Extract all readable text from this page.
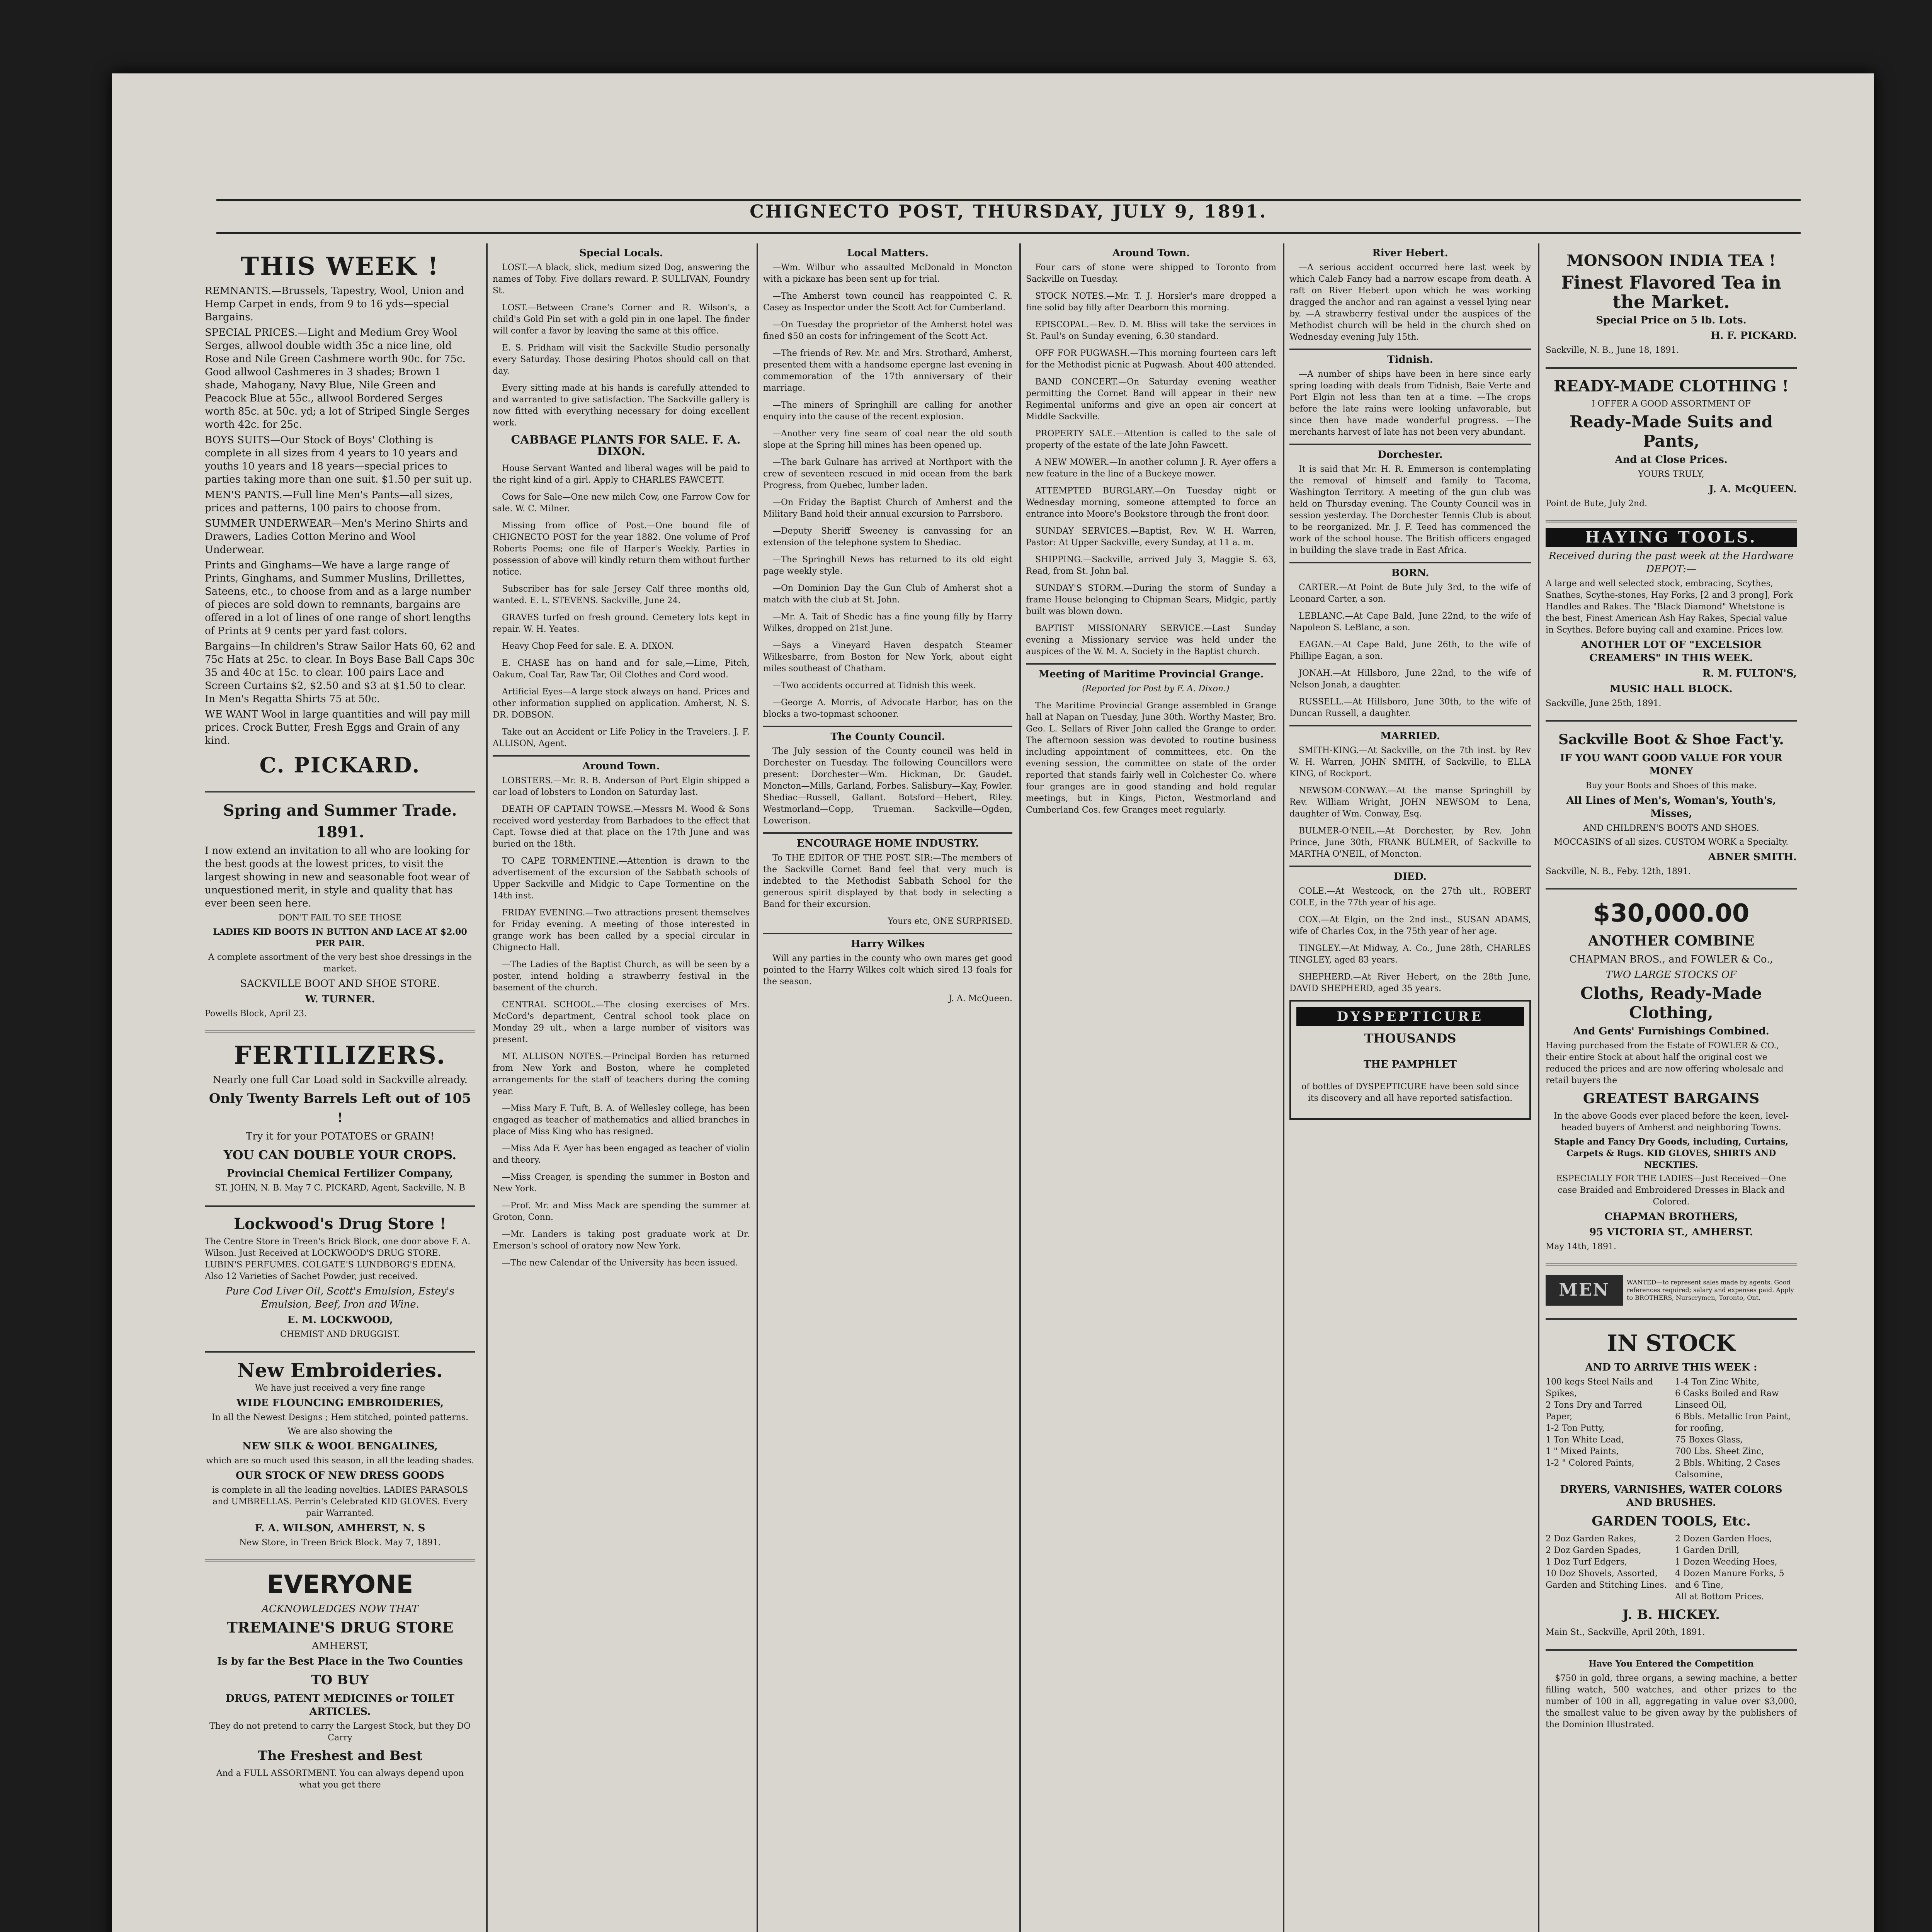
CHIGNECTO POST, THURSDAY, JULY 9, 1891.
THIS WEEK !

REMNANTS.—Brussels, Tapestry, Wool, Union and Hemp Carpet in ends, from 9 to 16 yds—special Bargains.

SPECIAL PRICES.—Light and Medium Grey Wool Serges, allwool double width 35c a nice line, old Rose and Nile Green Cashmere worth 90c. for 75c. Good allwool Cashmeres in 3 shades; Brown 1 shade, Mahogany, Navy Blue, Nile Green and Peacock Blue at 55c., allwool Bordered Serges worth 85c. at 50c. yd; a lot of Striped Single Serges worth 42c. for 25c.

BOYS SUITS—Our Stock of Boys' Clothing is complete in all sizes from 4 years to 10 years and youths 10 years and 18 years—special prices to parties taking more than one suit. $1.50 per suit up.

MEN'S PANTS.—Full line Men's Pants—all sizes, prices and patterns, 100 pairs to choose from.

SUMMER UNDERWEAR—Men's Merino Shirts and Drawers, Ladies Cotton Merino and Wool Underwear.

Prints and Ginghams—We have a large range of Prints, Ginghams, and Summer Muslins, Drillettes, Sateens, etc., to choose from and as a large number of pieces are sold down to remnants, bargains are offered in a lot of lines of one range of short lengths of Prints at 9 cents per yard fast colors.

Bargains—In children's Straw Sailor Hats 60, 62 and 75c Hats at 25c. to clear. In Boys Base Ball Caps 30c 35 and 40c at 15c. to clear. 100 pairs Lace and Screen Curtains $2, $2.50 and $3 at $1.50 to clear. In Men's Regatta Shirts 75 at 50c.

WE WANT Wool in large quantities and will pay mill prices. Crock Butter, Fresh Eggs and Grain of any kind.

C. PICKARD.
Spring and Summer Trade.
1891.

I now extend an invitation to all who are looking for the best goods at the lowest prices, to visit the largest showing in new and seasonable foot wear of unquestioned merit, in style and quality that has ever been seen here.

DON'T FAIL TO SEE THOSE

LADIES KID BOOTS IN BUTTON AND LACE AT $2.00 PER PAIR.

A complete assortment of the very best shoe dressings in the market.

SACKVILLE BOOT AND SHOE STORE.

W. TURNER.

Powells Block, April 23.

FERTILIZERS.

Nearly one full Car Load sold in Sackville already.

Only Twenty Barrels Left out of 105 !

Try it for your POTATOES or GRAIN!

YOU CAN DOUBLE YOUR CROPS.

Provincial Chemical Fertilizer Company,

ST. JOHN, N. B. May 7 C. PICKARD, Agent, Sackville, N. B

Lockwood's Drug Store !

The Centre Store in Treen's Brick Block, one door above F. A. Wilson. Just Received at LOCKWOOD'S DRUG STORE. LUBIN'S PERFUMES. COLGATE'S LUNDBORG'S EDENA. Also 12 Varieties of Sachet Powder, just received.

Pure Cod Liver Oil, Scott's Emulsion, Estey's Emulsion, Beef, Iron and Wine.

E. M. LOCKWOOD,

CHEMIST AND DRUGGIST.

New Embroideries.

We have just received a very fine range

WIDE FLOUNCING EMBROIDERIES,

In all the Newest Designs ; Hem stitched, pointed patterns.

We are also showing the

NEW SILK & WOOL BENGALINES,

which are so much used this season, in all the leading shades.

OUR STOCK OF NEW DRESS GOODS

is complete in all the leading novelties. LADIES PARASOLS and UMBRELLAS. Perrin's Celebrated KID GLOVES. Every pair Warranted.

F. A. WILSON, AMHERST, N. S

New Store, in Treen Brick Block. May 7, 1891.

EVERYONE

ACKNOWLEDGES NOW THAT

TREMAINE'S DRUG STORE

AMHERST,

Is by far the Best Place in the Two Counties

TO BUY

DRUGS, PATENT MEDICINES or TOILET ARTICLES.

They do not pretend to carry the Largest Stock, but they DO Carry

The Freshest and Best

And a FULL ASSORTMENT. You can always depend upon what you get there

Special Locals.

LOST.—A black, slick, medium sized Dog, answering the names of Toby. Five dollars reward. P. SULLIVAN, Foundry St.

LOST.—Between Crane's Corner and R. Wilson's, a child's Gold Pin set with a gold pin in one lapel. The finder will confer a favor by leaving the same at this office.

E. S. Pridham will visit the Sackville Studio personally every Saturday. Those desiring Photos should call on that day.

Every sitting made at his hands is carefully attended to and warranted to give satisfaction. The Sackville gallery is now fitted with everything necessary for doing excellent work.

CABBAGE PLANTS FOR SALE. F. A. DIXON.

House Servant Wanted and liberal wages will be paid to the right kind of a girl. Apply to CHARLES FAWCETT.

Cows for Sale—One new milch Cow, one Farrow Cow for sale. W. C. Milner.

Missing from office of Post.—One bound file of CHIGNECTO POST for the year 1882. One volume of Prof Roberts Poems; one file of Harper's Weekly. Parties in possession of above will kindly return them without further notice.

Subscriber has for sale Jersey Calf three months old, wanted. E. L. STEVENS. Sackville, June 24.

GRAVES turfed on fresh ground. Cemetery lots kept in repair. W. H. Yeates.

Heavy Chop Feed for sale. E. A. DIXON.

E. CHASE has on hand and for sale,—Lime, Pitch, Oakum, Coal Tar, Raw Tar, Oil Clothes and Cord wood.

Artificial Eyes—A large stock always on hand. Prices and other information supplied on application. Amherst, N. S. DR. DOBSON.

Take out an Accident or Life Policy in the Travelers. J. F. ALLISON, Agent.

Around Town.

LOBSTERS.—Mr. R. B. Anderson of Port Elgin shipped a car load of lobsters to London on Saturday last.

DEATH OF CAPTAIN TOWSE.—Messrs M. Wood & Sons received word yesterday from Barbadoes to the effect that Capt. Towse died at that place on the 17th June and was buried on the 18th.

TO CAPE TORMENTINE.—Attention is drawn to the advertisement of the excursion of the Sabbath schools of Upper Sackville and Midgic to Cape Tormentine on the 14th inst.

FRIDAY EVENING.—Two attractions present themselves for Friday evening. A meeting of those interested in grange work has been called by a special circular in Chignecto Hall.

—The Ladies of the Baptist Church, as will be seen by a poster, intend holding a strawberry festival in the basement of the church.

CENTRAL SCHOOL.—The closing exercises of Mrs. McCord's department, Central school took place on Monday 29 ult., when a large number of visitors was present.

MT. ALLISON NOTES.—Principal Borden has returned from New York and Boston, where he completed arrangements for the staff of teachers during the coming year.

—Miss Mary F. Tuft, B. A. of Wellesley college, has been engaged as teacher of mathematics and allied branches in place of Miss King who has resigned.

—Miss Ada F. Ayer has been engaged as teacher of violin and theory.

—Miss Creager, is spending the summer in Boston and New York.

—Prof. Mr. and Miss Mack are spending the summer at Groton, Conn.

—Mr. Landers is taking post graduate work at Dr. Emerson's school of oratory now New York.

—The new Calendar of the University has been issued.

Local Matters.

—Wm. Wilbur who assaulted McDonald in Moncton with a pickaxe has been sent up for trial.

—The Amherst town council has reappointed C. R. Casey as Inspector under the Scott Act for Cumberland.

—On Tuesday the proprietor of the Amherst hotel was fined $50 an costs for infringement of the Scott Act.

—The friends of Rev. Mr. and Mrs. Strothard, Amherst, presented them with a handsome epergne last evening in commemoration of the 17th anniversary of their marriage.

—The miners of Springhill are calling for another enquiry into the cause of the recent explosion.

—Another very fine seam of coal near the old south slope at the Spring hill mines has been opened up.

—The bark Gulnare has arrived at Northport with the crew of seventeen rescued in mid ocean from the bark Progress, from Quebec, lumber laden.

—On Friday the Baptist Church of Amherst and the Military Band hold their annual excursion to Parrsboro.

—Deputy Sheriff Sweeney is canvassing for an extension of the telephone system to Shediac.

—The Springhill News has returned to its old eight page weekly style.

—On Dominion Day the Gun Club of Amherst shot a match with the club at St. John.

—Mr. A. Tait of Shedic has a fine young filly by Harry Wilkes, dropped on 21st June.

—Says a Vineyard Haven despatch Steamer Wilkesbarre, from Boston for New York, about eight miles southeast of Chatham.

—Two accidents occurred at Tidnish this week.

—George A. Morris, of Advocate Harbor, has on the blocks a two-topmast schooner.

The County Council.

The July session of the County council was held in Dorchester on Tuesday. The following Councillors were present: Dorchester—Wm. Hickman, Dr. Gaudet. Moncton—Mills, Garland, Forbes. Salisbury—Kay, Fowler. Shediac—Russell, Gallant. Botsford—Hebert, Riley. Westmorland—Copp, Trueman. Sackville—Ogden, Lowerison.

ENCOURAGE HOME INDUSTRY.

To THE EDITOR OF THE POST. SIR:—The members of the Sackville Cornet Band feel that very much is indebted to the Methodist Sabbath School for the generous spirit displayed by that body in selecting a Band for their excursion.

Yours etc, ONE SURPRISED.

Harry Wilkes

Will any parties in the county who own mares get good pointed to the Harry Wilkes colt which sired 13 foals for the season.

J. A. McQueen.

Around Town.

Four cars of stone were shipped to Toronto from Sackville on Tuesday.

STOCK NOTES.—Mr. T. J. Horsler's mare dropped a fine solid bay filly after Dearborn this morning.

EPISCOPAL.—Rev. D. M. Bliss will take the services in St. Paul's on Sunday evening, 6.30 standard.

OFF FOR PUGWASH.—This morning fourteen cars left for the Methodist picnic at Pugwash. About 400 attended.

BAND CONCERT.—On Saturday evening weather permitting the Cornet Band will appear in their new Regimental uniforms and give an open air concert at Middle Sackville.

PROPERTY SALE.—Attention is called to the sale of property of the estate of the late John Fawcett.

A NEW MOWER.—In another column J. R. Ayer offers a new feature in the line of a Buckeye mower.

ATTEMPTED BURGLARY.—On Tuesday night or Wednesday morning, someone attempted to force an entrance into Moore's Bookstore through the front door.

SUNDAY SERVICES.—Baptist, Rev. W. H. Warren, Pastor: At Upper Sackville, every Sunday, at 11 a. m.

SHIPPING.—Sackville, arrived July 3, Maggie S. 63, Read, from St. John bal.

SUNDAY'S STORM.—During the storm of Sunday a frame House belonging to Chipman Sears, Midgic, partly built was blown down.

BAPTIST MISSIONARY SERVICE.—Last Sunday evening a Missionary service was held under the auspices of the W. M. A. Society in the Baptist church.

Meeting of Maritime Provincial Grange.

(Reported for Post by F. A. Dixon.)

The Maritime Provincial Grange assembled in Grange hall at Napan on Tuesday, June 30th. Worthy Master, Bro. Geo. L. Sellars of River John called the Grange to order. The afternoon session was devoted to routine business including appointment of committees, etc. On the evening session, the committee on state of the order reported that stands fairly well in Colchester Co. where four granges are in good standing and hold regular meetings, but in Kings, Picton, Westmorland and Cumberland Cos. few Granges meet regularly.

River Hebert.

—A serious accident occurred here last week by which Caleb Fancy had a narrow escape from death. A raft on River Hebert upon which he was working dragged the anchor and ran against a vessel lying near by. —A strawberry festival under the auspices of the Methodist church will be held in the church shed on Wednesday evening July 15th.

Tidnish.

—A number of ships have been in here since early spring loading with deals from Tidnish, Baie Verte and Port Elgin not less than ten at a time. —The crops before the late rains were looking unfavorable, but since then have made wonderful progress. —The merchants harvest of late has not been very abundant.

Dorchester.

It is said that Mr. H. R. Emmerson is contemplating the removal of himself and family to Tacoma, Washington Territory. A meeting of the gun club was held on Thursday evening. The County Council was in session yesterday. The Dorchester Tennis Club is about to be reorganized. Mr. J. F. Teed has commenced the work of the school house. The British officers engaged in building the slave trade in East Africa.

BORN.

CARTER.—At Point de Bute July 3rd, to the wife of Leonard Carter, a son.

LEBLANC.—At Cape Bald, June 22nd, to the wife of Napoleon S. LeBlanc, a son.

EAGAN.—At Cape Bald, June 26th, to the wife of Phillipe Eagan, a son.

JONAH.—At Hillsboro, June 22nd, to the wife of Nelson Jonah, a daughter.

RUSSELL.—At Hillsboro, June 30th, to the wife of Duncan Russell, a daughter.

MARRIED.

SMITH-KING.—At Sackville, on the 7th inst. by Rev W. H. Warren, JOHN SMITH, of Sackville, to ELLA KING, of Rockport.

NEWSOM-CONWAY.—At the manse Springhill by Rev. William Wright, JOHN NEWSOM to Lena, daughter of Wm. Conway, Esq.

BULMER-O'NEIL.—At Dorchester, by Rev. John Prince, June 30th, FRANK BULMER, of Sackville to MARTHA O'NEIL, of Moncton.

DIED.

COLE.—At Westcock, on the 27th ult., ROBERT COLE, in the 77th year of his age.

COX.—At Elgin, on the 2nd inst., SUSAN ADAMS, wife of Charles Cox, in the 75th year of her age.

TINGLEY.—At Midway, A. Co., June 28th, CHARLES TINGLEY, aged 83 years.

SHEPHERD.—At River Hebert, on the 28th June, DAVID SHEPHERD, aged 35 years.

DYSPEPTICURE

THOUSANDS

THE PAMPHLET

of bottles of DYSPEPTICURE have been sold since its discovery and all have reported satisfaction.

MONSOON INDIA TEA !
Finest Flavored Tea in the Market.

Special Price on 5 lb. Lots.

H. F. PICKARD.

Sackville, N. B., June 18, 1891.

READY-MADE CLOTHING !

I OFFER A GOOD ASSORTMENT OF

Ready-Made Suits and Pants,

And at Close Prices.

YOURS TRULY,

J. A. McQUEEN.

Point de Bute, July 2nd.

HAYING TOOLS.

Received during the past week at the Hardware DEPOT:—

A large and well selected stock, embracing, Scythes, Snathes, Scythe-stones, Hay Forks, [2 and 3 prong], Fork Handles and Rakes. The "Black Diamond" Whetstone is the best, Finest American Ash Hay Rakes, Special value in Scythes. Before buying call and examine. Prices low.

ANOTHER LOT OF "EXCELSIOR CREAMERS" IN THIS WEEK.

R. M. FULTON'S,

MUSIC HALL BLOCK.

Sackville, June 25th, 1891.

Sackville Boot & Shoe Fact'y.

IF YOU WANT GOOD VALUE FOR YOUR MONEY

Buy your Boots and Shoes of this make.

All Lines of Men's, Woman's, Youth's, Misses,

AND CHILDREN'S BOOTS AND SHOES.

MOCCASINS of all sizes. CUSTOM WORK a Specialty.

ABNER SMITH.

Sackville, N. B., Feby. 12th, 1891.

$30,000.00

ANOTHER COMBINE

CHAPMAN BROS., and FOWLER & Co.,

TWO LARGE STOCKS OF

Cloths, Ready-Made Clothing,

And Gents' Furnishings Combined.

Having purchased from the Estate of FOWLER & CO., their entire Stock at about half the original cost we reduced the prices and are now offering wholesale and retail buyers the

GREATEST BARGAINS

In the above Goods ever placed before the keen, level-headed buyers of Amherst and neighboring Towns.

Staple and Fancy Dry Goods, including, Curtains, Carpets & Rugs. KID GLOVES, SHIRTS AND NECKTIES.

ESPECIALLY FOR THE LADIES—Just Received—One case Braided and Embroidered Dresses in Black and Colored.

CHAPMAN BROTHERS,

95 VICTORIA ST., AMHERST.

May 14th, 1891.

MEN	WANTED—to represent sales made by agents. Good references required; salary and expenses paid. Apply to BROTHERS, Nurserymen, Toronto, Ont.

IN STOCK

AND TO ARRIVE THIS WEEK :

100 kegs Steel Nails and Spikes,
2 Tons Dry and Tarred Paper,
1-2 Ton Putty,
1 Ton White Lead,
1 " Mixed Paints,
1-2 " Colored Paints,
1-4 Ton Zinc White,
6 Casks Boiled and Raw Linseed Oil,
6 Bbls. Metallic Iron Paint, for roofing,
75 Boxes Glass,
700 Lbs. Sheet Zinc,
2 Bbls. Whiting, 2 Cases Calsomine,

DRYERS, VARNISHES, WATER COLORS AND BRUSHES.

GARDEN TOOLS, Etc.

2 Doz Garden Rakes,
2 Doz Garden Spades,
1 Doz Turf Edgers,
10 Doz Shovels, Assorted,
Garden and Stitching Lines.
2 Dozen Garden Hoes,
1 Garden Drill,
1 Dozen Weeding Hoes,
4 Dozen Manure Forks, 5 and 6 Tine,
All at Bottom Prices.

J. B. HICKEY.

Main St., Sackville, April 20th, 1891.

Have You Entered the Competition

$750 in gold, three organs, a sewing machine, a better filling watch, 500 watches, and other prizes to the number of 100 in all, aggregating in value over $3,000, the smallest value to be given away by the publishers of the Dominion Illustrated.
